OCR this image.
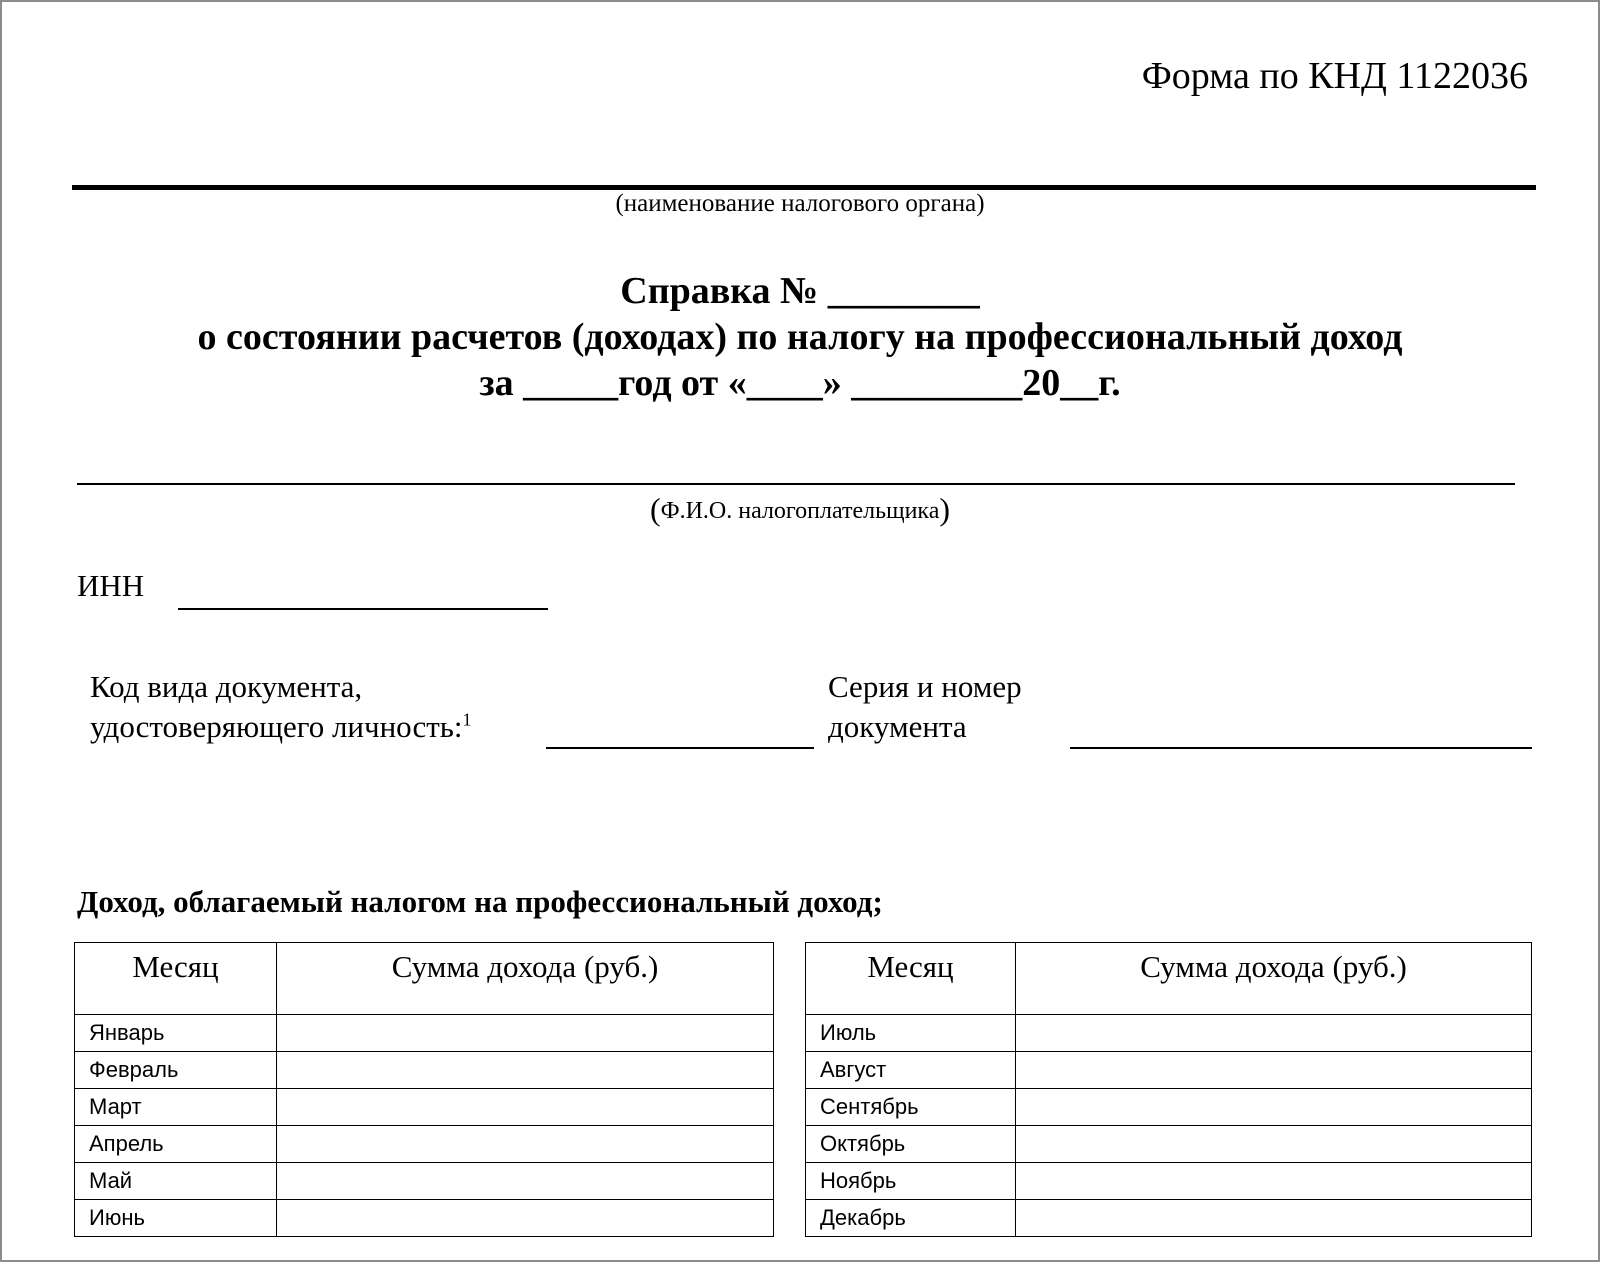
Форма по КНД 1122036
(наименование налогового органа)
Справка № ________
о состоянии расчетов (доходах) по налогу на профессиональный доход
за _____год от «____» _________20__г.
(Ф.И.О. налогоплательщика)
ИНН
Код вида документа,
удостоверяющего личность:$^1$
Серия и номер
документа
Доход, облагаемый налогом на профессиональный доход;
Месяц	Сумма дохода (руб.)
Январь	
Февраль	
Март	
Апрель	
Май	
Июнь	
Месяц	Сумма дохода (руб.)
Июль	
Август	
Сентябрь	
Октябрь	
Ноябрь	
Декабрь	
